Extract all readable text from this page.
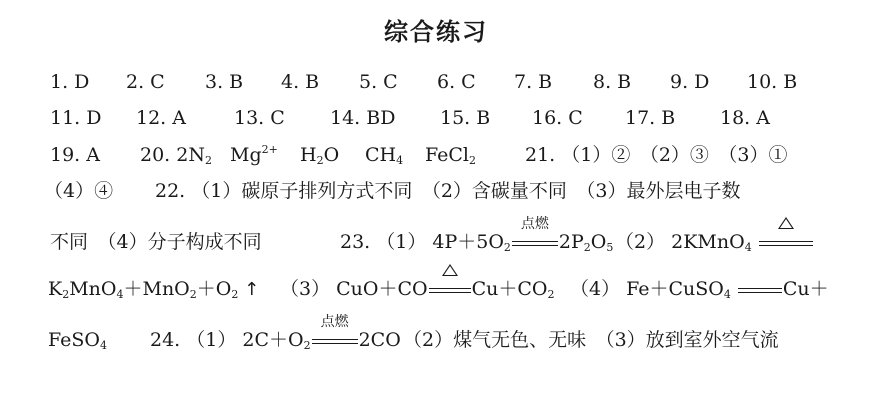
综合练习
1. D 2. C 3. B 4. B 5. C 6. C 7. B 8. B 9. D 10. B
11. D 12. A	13. C 14. BD 15. B 16. C 17. B 18. A
19. A 20. $2N_2$ $Mg^{2+}$ $H_2O$ $CH_4$ FeCl$_2$	21. （1）②　（2）③　（3）①
（4）④ 22. （1）碳原子排列方式不同　（2）含碳量不同　（3）最外层电子数
不同　（4）分子构成不同	23. （1） $4P+5O_2$
点燃
$2P_2O_5$ （2） 2KMnO$_4$
$K_2MnO_4+MnO_2+O_2$ ↑ （3） CuO＋CO $Cu+CO_2$ （4） Fe＋CuSO$_4$	Cu＋
FeSO$_4$ 24. （1） $2C+O_2$
点燃
2CO （2）煤气无色、无味　（3）放到室外空气流
